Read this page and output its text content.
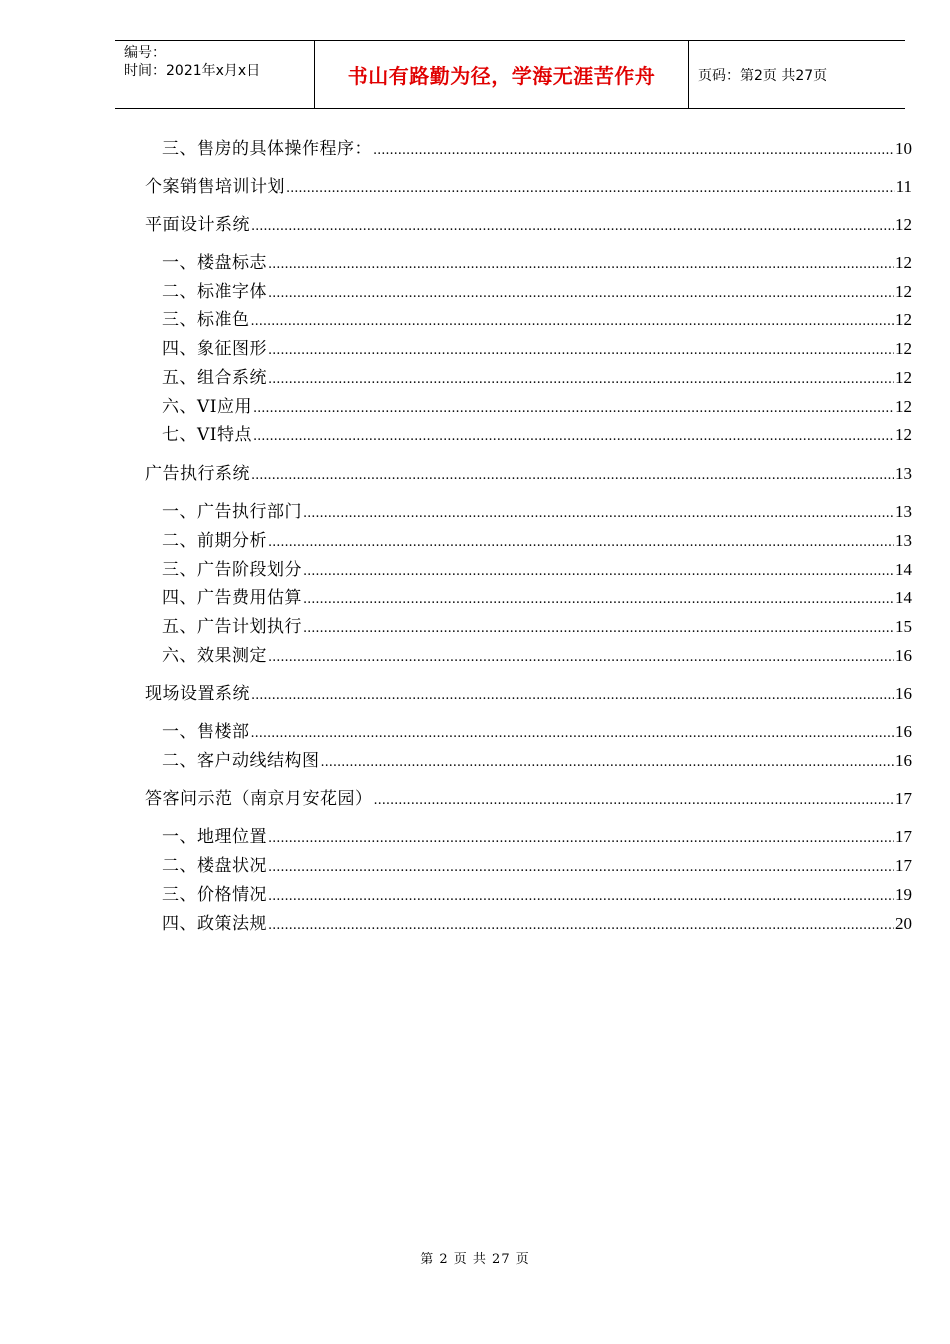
编号：
时间：2021年x月x日	书山有路勤为径，学海无涯苦作舟	页码：第2页 共27页
三、售房的具体操作程序： .....	10
个案销售培训计划 .....	11
平面设计系统 .....	12
一、楼盘标志 .....	12
二、标准字体 .....	12
三、标准色 .....	12
四、象征图形 .....	12
五、组合系统 .....	12
六、VI应用 .....	12
七、VI特点 .....	12
广告执行系统 .....	13
一、广告执行部门 .....	13
二、前期分析 .....	13
三、广告阶段划分 .....	14
四、广告费用估算 .....	14
五、广告计划执行 .....	15
六、效果测定 .....	16
现场设置系统 .....	16
一、售楼部 .....	16
二、客户动线结构图 .....	16
答客问示范（南京月安花园） .....	17
一、地理位置 .....	17
二、楼盘状况 .....	17
三、价格情况 .....	19
四、政策法规 .....	20
第 2 页 共 27 页
